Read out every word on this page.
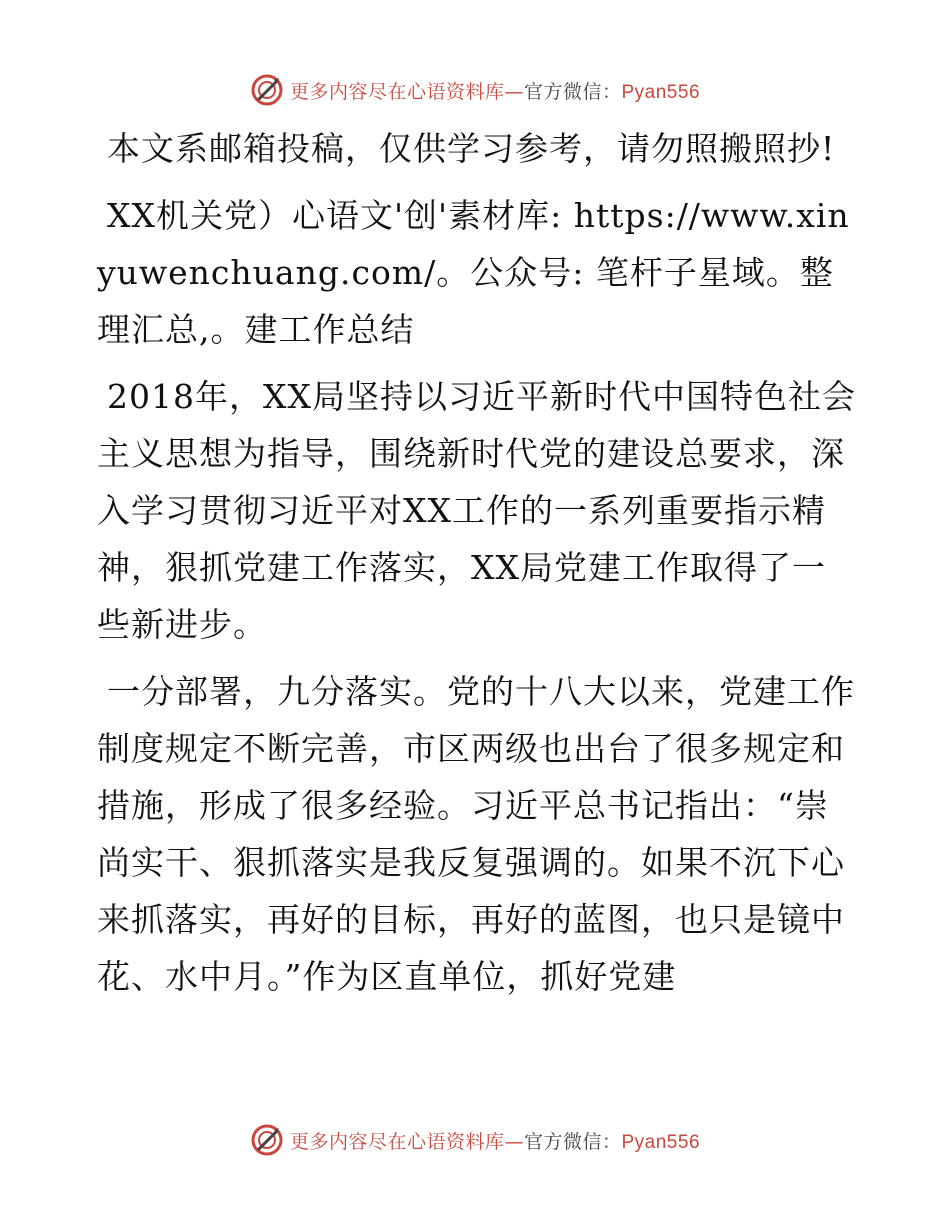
更多内容尽在心语资料库—官方微信：Pyan556

本文系邮箱投稿，仅供学习参考，请勿照搬照抄!

XX机关党）心语文'创'素材库: https://www.xinyuwenchuang.com/。公众号: 笔杆子星域。整理汇总,。建工作总结

2018年，XX局坚持以习近平新时代中国特色社会主义思想为指导，围绕新时代党的建设总要求，深入学习贯彻习近平对XX工作的一系列重要指示精神，狠抓党建工作落实，XX局党建工作取得了一些新进步。

一分部署，九分落实。党的十八大以来，党建工作制度规定不断完善，市区两级也出台了很多规定和措施，形成了很多经验。习近平总书记指出：“崇尚实干、狠抓落实是我反复强调的。如果不沉下心来抓落实，再好的目标，再好的蓝图，也只是镜中花、水中月。”作为区直单位，抓好党建

更多内容尽在心语资料库—官方微信：Pyan556
